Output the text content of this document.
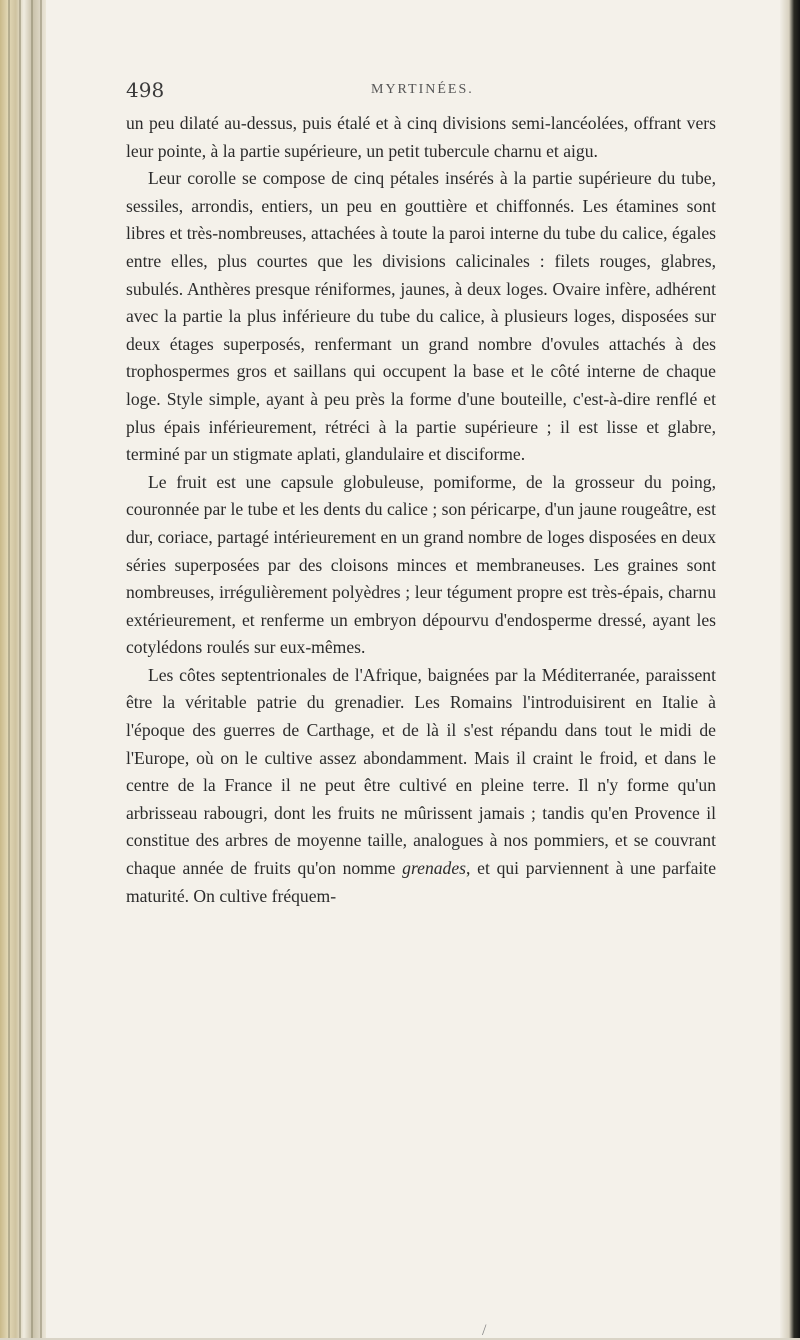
498	MYRTINÉES.

un peu dilaté au-dessus, puis étalé et à cinq divisions semi-lancéolées, offrant vers leur pointe, à la partie supérieure, un petit tubercule charnu et aigu.

Leur corolle se compose de cinq pétales insérés à la partie supérieure du tube, sessiles, arrondis, entiers, un peu en gouttière et chiffonnés. Les étamines sont libres et très-nombreuses, attachées à toute la paroi interne du tube du calice, égales entre elles, plus courtes que les divisions calicinales : filets rouges, glabres, subulés. Anthères presque réniformes, jaunes, à deux loges. Ovaire infère, adhérent avec la partie la plus inférieure du tube du calice, à plusieurs loges, disposées sur deux étages superposés, renfermant un grand nombre d'ovules attachés à des trophospermes gros et saillans qui occupent la base et le côté interne de chaque loge. Style simple, ayant à peu près la forme d'une bouteille, c'est-à-dire renflé et plus épais inférieurement, rétréci à la partie supérieure ; il est lisse et glabre, terminé par un stigmate aplati, glandulaire et disciforme.

Le fruit est une capsule globuleuse, pomiforme, de la grosseur du poing, couronnée par le tube et les dents du calice ; son péricarpe, d'un jaune rougeâtre, est dur, coriace, partagé intérieurement en un grand nombre de loges disposées en deux séries superposées par des cloisons minces et membraneuses. Les graines sont nombreuses, irrégulièrement polyèdres ; leur tégument propre est très-épais, charnu extérieurement, et renferme un embryon dépourvu d'endosperme dressé, ayant les cotylédons roulés sur eux-mêmes.

Les côtes septentrionales de l'Afrique, baignées par la Méditerranée, paraissent être la véritable patrie du grenadier. Les Romains l'introduisirent en Italie à l'époque des guerres de Carthage, et de là il s'est répandu dans tout le midi de l'Europe, où on le cultive assez abondamment. Mais il craint le froid, et dans le centre de la France il ne peut être cultivé en pleine terre. Il n'y forme qu'un arbrisseau rabougri, dont les fruits ne mûrissent jamais ; tandis qu'en Provence il constitue des arbres de moyenne taille, analogues à nos pommiers, et se couvrant chaque année de fruits qu'on nomme grenades, et qui parviennent à une parfaite maturité. On cultive fréquem-

/
